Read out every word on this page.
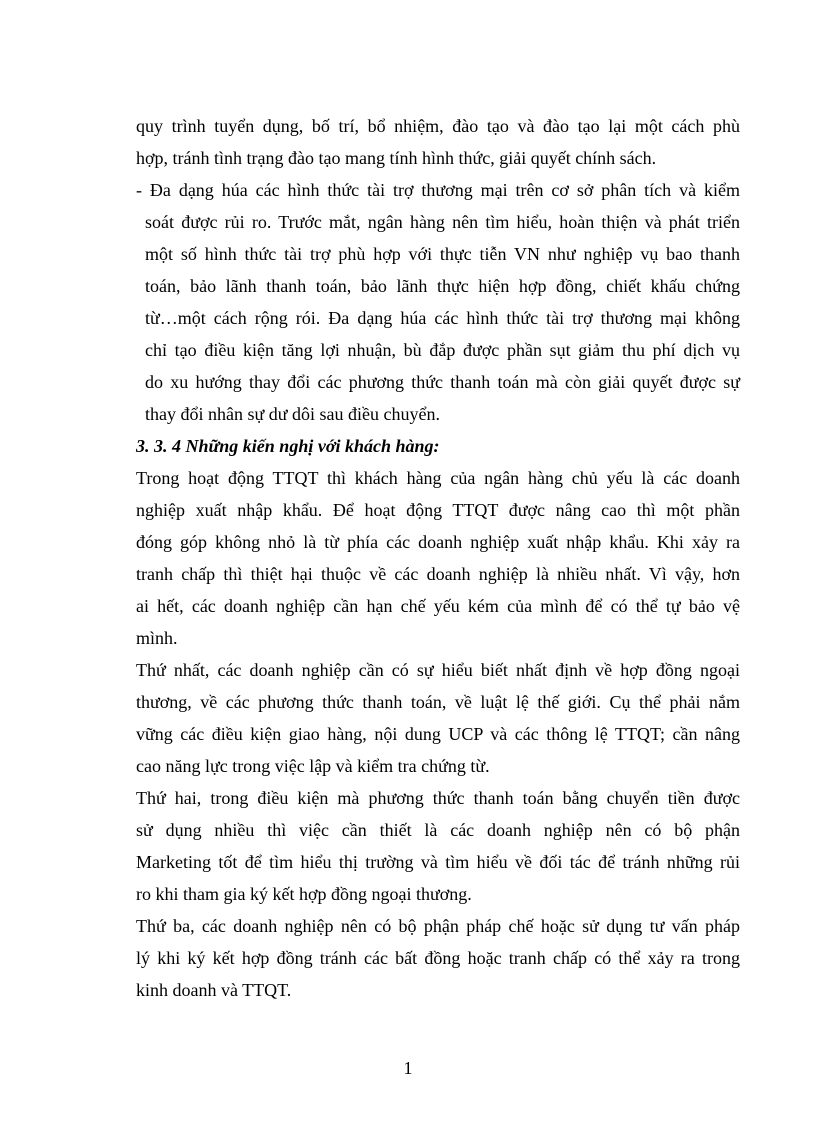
quy trình tuyển dụng, bố trí, bổ nhiệm, đào tạo và đào tạo lại một cách phù
hợp, tránh tình trạng đào tạo mang tính hình thức, giải quyết chính sách.
- Đa dạng húa các hình thức tài trợ thương mại trên cơ sở phân tích và kiểm
soát được rủi ro. Trước mắt, ngân hàng nên tìm hiểu, hoàn thiện và phát triển
một số hình thức tài trợ phù hợp với thực tiễn VN như nghiệp vụ bao thanh
toán, bảo lãnh thanh toán, bảo lãnh thực hiện hợp đồng, chiết khấu chứng
từ…một cách rộng rói. Đa dạng húa các hình thức tài trợ thương mại không
chỉ tạo điều kiện tăng lợi nhuận, bù đắp được phần sụt giảm thu phí dịch vụ
do xu hướng thay đổi các phương thức thanh toán mà còn giải quyết được sự
thay đổi nhân sự dư dôi sau điều chuyển.
3. 3. 4 Những kiến nghị với khách hàng:
Trong hoạt động TTQT thì khách hàng của ngân hàng chủ yếu là các doanh
nghiệp xuất nhập khẩu. Để hoạt động TTQT được nâng cao thì một phần
đóng góp không nhỏ là từ phía các doanh nghiệp xuất nhập khẩu. Khi xảy ra
tranh chấp thì thiệt hại thuộc về các doanh nghiệp là nhiều nhất. Vì vậy, hơn
ai hết, các doanh nghiệp cần hạn chế yếu kém của mình để có thể tự bảo vệ
mình.
Thứ nhất, các doanh nghiệp cần có sự hiểu biết nhất định về hợp đồng ngoại
thương, về các phương thức thanh toán, về luật lệ thế giới. Cụ thể phải nắm
vững các điều kiện giao hàng, nội dung UCP và các thông lệ TTQT; cần nâng
cao năng lực trong việc lập và kiểm tra chứng từ.
Thứ hai, trong điều kiện mà phương thức thanh toán bằng chuyển tiền được
sử dụng nhiều thì việc cần thiết là các doanh nghiệp nên có bộ phận
Marketing tốt để tìm hiểu thị trường và tìm hiểu về đối tác để tránh những rủi
ro khi tham gia ký kết hợp đồng ngoại thương.
Thứ ba, các doanh nghiệp nên có bộ phận pháp chế hoặc sử dụng tư vấn pháp
lý khi ký kết hợp đồng tránh các bất đồng hoặc tranh chấp có thể xảy ra trong
kinh doanh và TTQT.
1
